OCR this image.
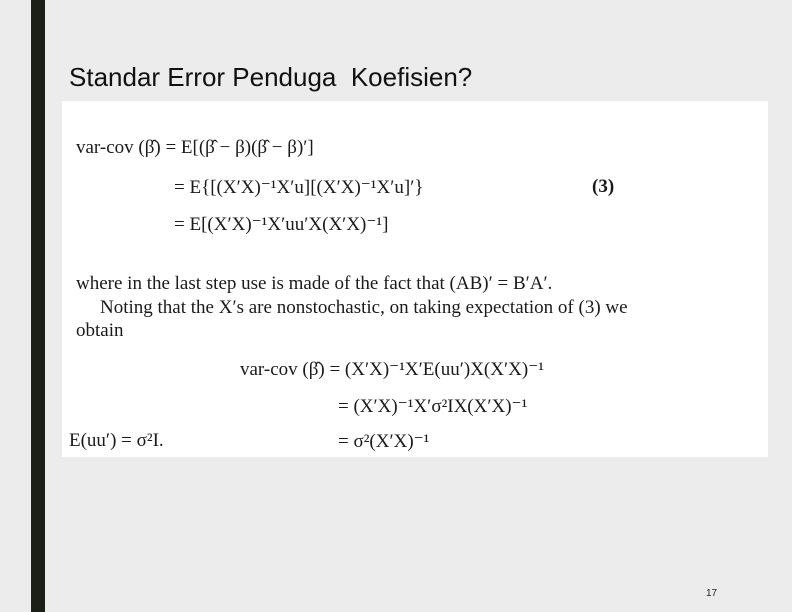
Standar Error Penduga  Koefisien?
var-cov (β̂) = E[(β̂ − β)(β̂ − β)′]
= E{[(X′X)⁻¹X′u][(X′X)⁻¹X′u]′}	(3)
= E[(X′X)⁻¹X′uu′X(X′X)⁻¹]
where in the last step use is made of the fact that (AB)′ = B′A′.
Noting that the X′s are nonstochastic, on taking expectation of (3) we
obtain
var-cov (β̂) = (X′X)⁻¹X′E(uu′)X(X′X)⁻¹
= (X′X)⁻¹X′σ²IX(X′X)⁻¹
= σ²(X′X)⁻¹
E(uu′) = σ²I.
17
